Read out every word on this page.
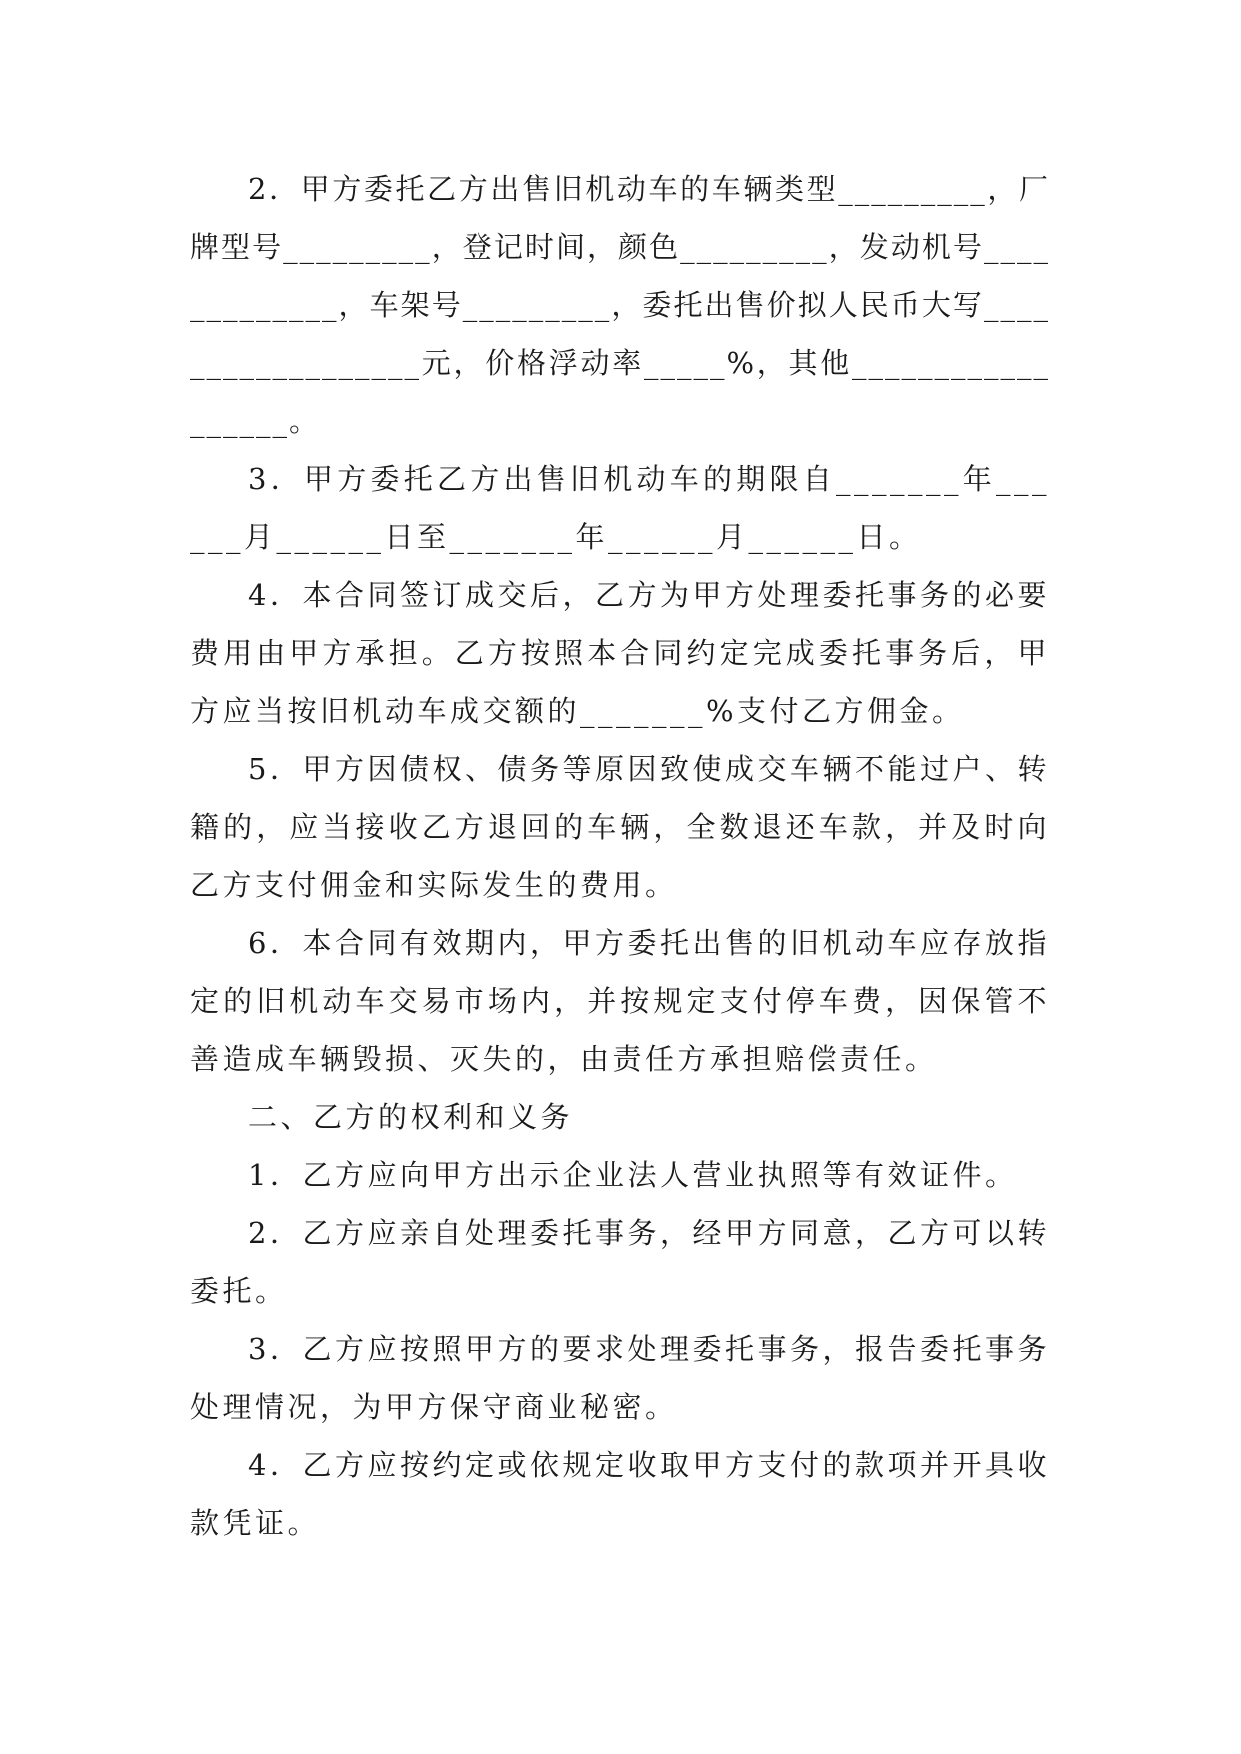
2．甲方委托乙方出售旧机动车的车辆类型_________，厂牌型号_________，登记时间，颜色_________，发动机号_____________，车架号_________，委托出售价拟人民币大写__________________元，价格浮动率_____%，其他__________________。

3．甲方委托乙方出售旧机动车的期限自_______年______月______日至_______年______月______日。

4．本合同签订成交后，乙方为甲方处理委托事务的必要费用由甲方承担。乙方按照本合同约定完成委托事务后，甲方应当按旧机动车成交额的_______%支付乙方佣金。

5．甲方因债权、债务等原因致使成交车辆不能过户、转籍的，应当接收乙方退回的车辆，全数退还车款，并及时向乙方支付佣金和实际发生的费用。

6．本合同有效期内，甲方委托出售的旧机动车应存放指定的旧机动车交易市场内，并按规定支付停车费，因保管不善造成车辆毁损、灭失的，由责任方承担赔偿责任。

二、乙方的权利和义务

1．乙方应向甲方出示企业法人营业执照等有效证件。

2．乙方应亲自处理委托事务，经甲方同意，乙方可以转委托。

3．乙方应按照甲方的要求处理委托事务，报告委托事务处理情况，为甲方保守商业秘密。

4．乙方应按约定或依规定收取甲方支付的款项并开具收款凭证。
